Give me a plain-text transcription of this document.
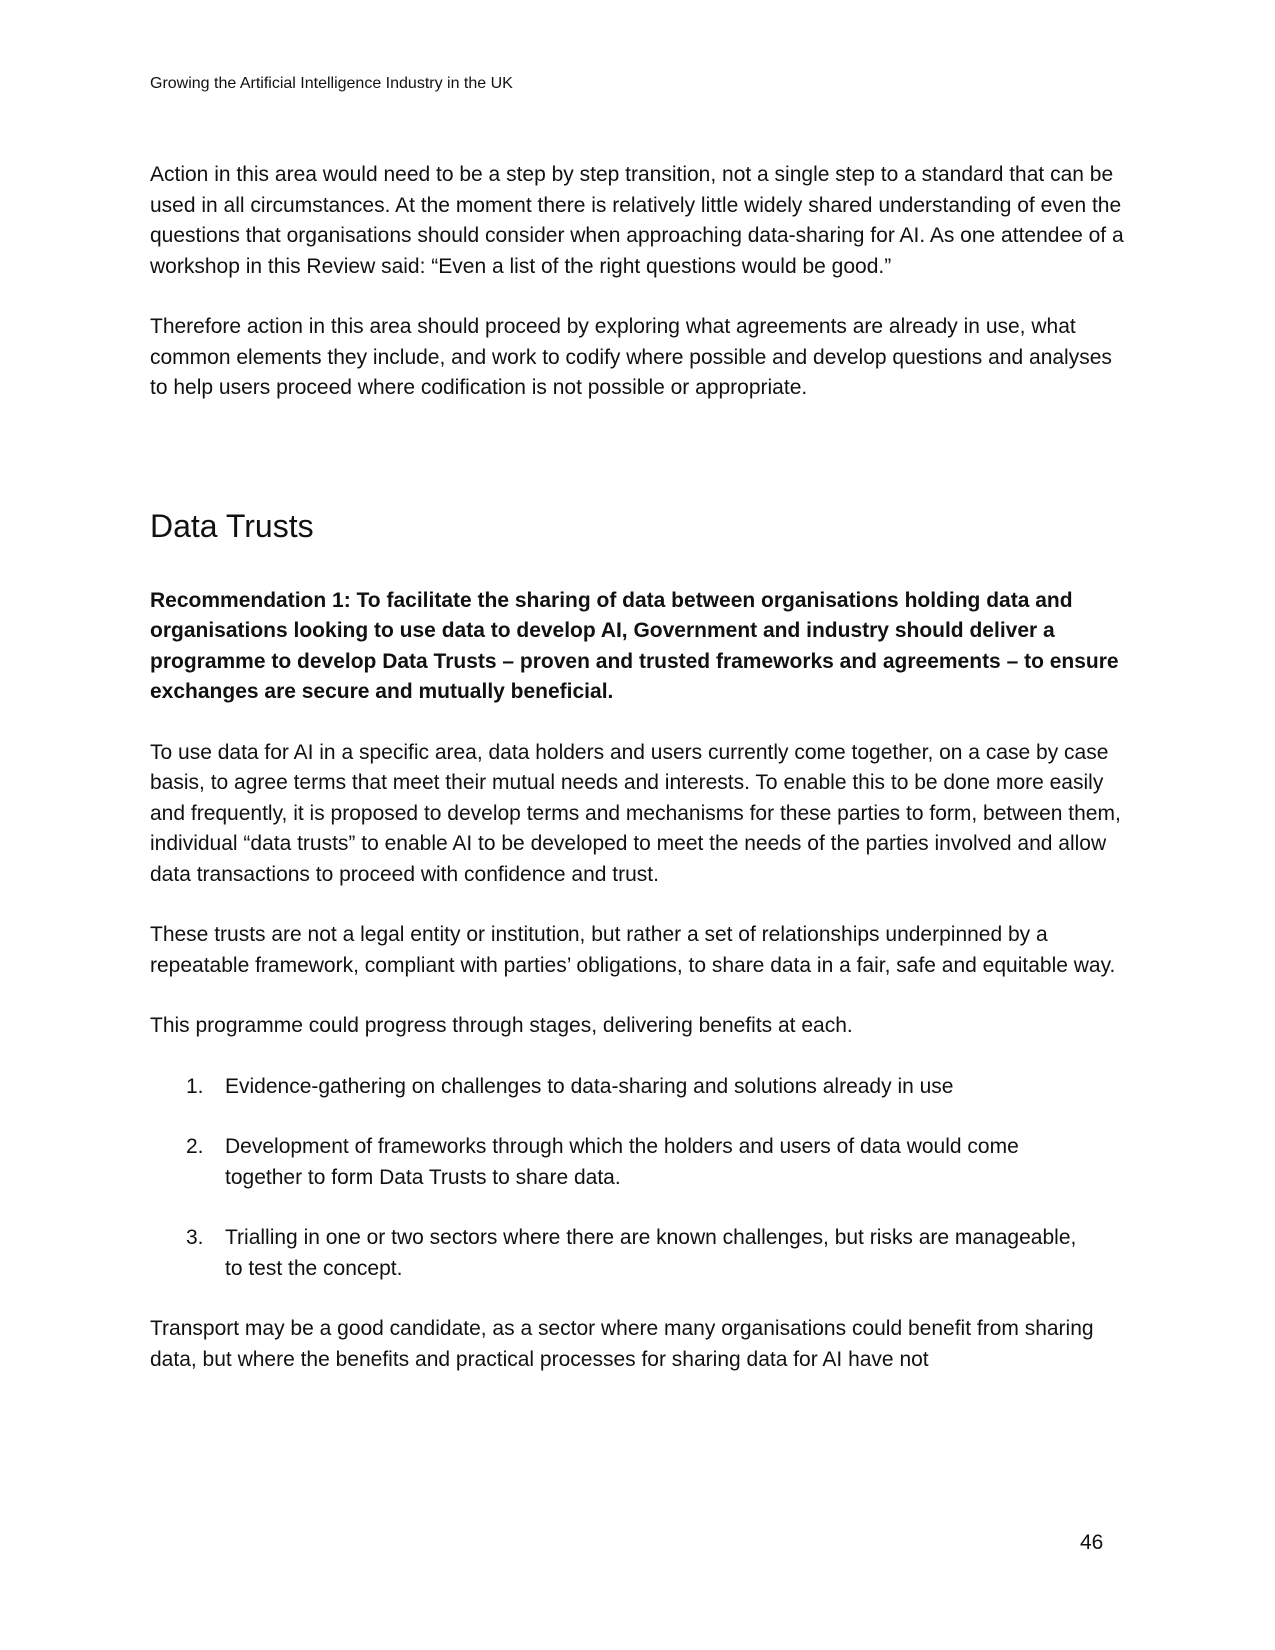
Growing the Artificial Intelligence Industry in the UK

Action in this area would need to be a step by step transition, not a single step to a standard that can be used in all circumstances. At the moment there is relatively little widely shared understanding of even the questions that organisations should consider when approaching data-sharing for AI. As one attendee of a workshop in this Review said: “Even a list of the right questions would be good.”

Therefore action in this area should proceed by exploring what agreements are already in use, what common elements they include, and work to codify where possible and develop questions and analyses to help users proceed where codification is not possible or appropriate.

Data Trusts

Recommendation 1: To facilitate the sharing of data between organisations holding data and organisations looking to use data to develop AI, Government and industry should deliver a programme to develop Data Trusts – proven and trusted frameworks and agreements – to ensure exchanges are secure and mutually beneficial.

To use data for AI in a specific area, data holders and users currently come together, on a case by case basis, to agree terms that meet their mutual needs and interests. To enable this to be done more easily and frequently, it is proposed to develop terms and mechanisms for these parties to form, between them, individual “data trusts” to enable AI to be developed to meet the needs of the parties involved and allow data transactions to proceed with confidence and trust.

These trusts are not a legal entity or institution, but rather a set of relationships underpinned by a repeatable framework, compliant with parties’ obligations, to share data in a fair, safe and equitable way.

This programme could progress through stages, delivering benefits at each.

1.	Evidence-gathering on challenges to data-sharing and solutions already in use
2.	Development of frameworks through which the holders and users of data would come together to form Data Trusts to share data.
3.	Trialling in one or two sectors where there are known challenges, but risks are manageable, to test the concept.

Transport may be a good candidate, as a sector where many organisations could benefit from sharing data, but where the benefits and practical processes for sharing data for AI have not

46
